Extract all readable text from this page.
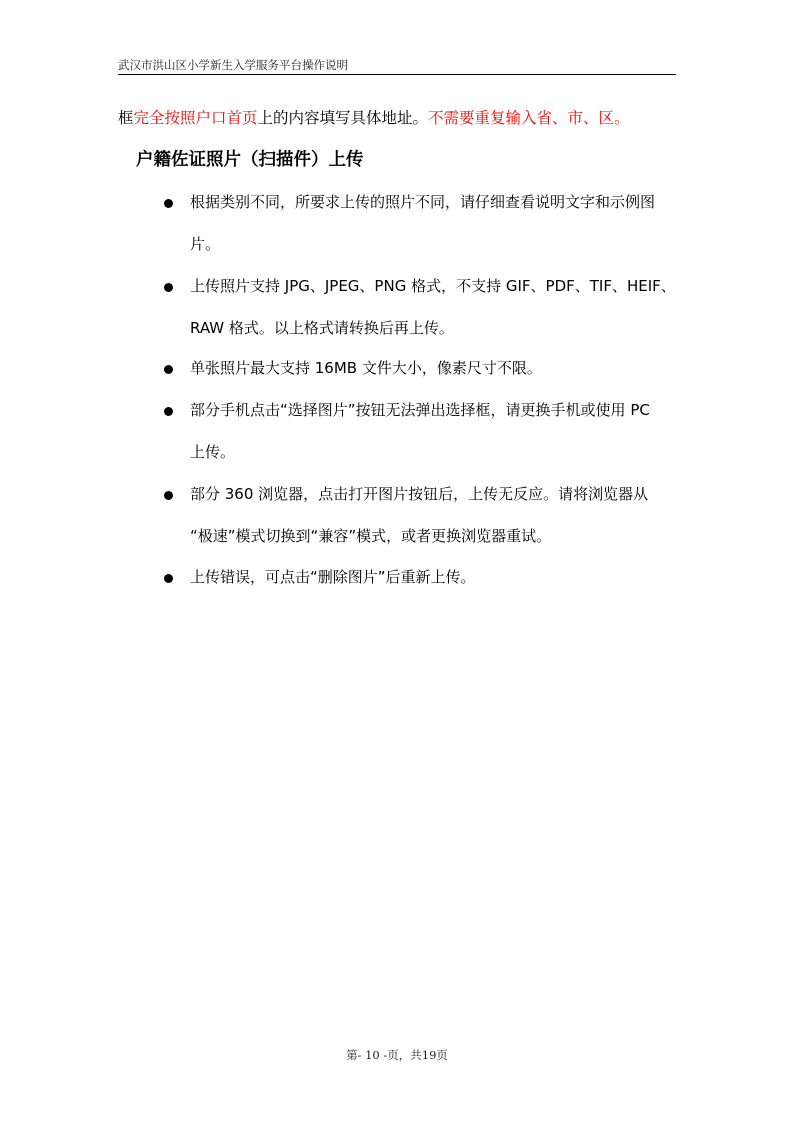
武汉市洪山区小学新生入学服务平台操作说明
框完全按照户口首页上的内容填写具体地址。不需要重复输入省、市、区。
户籍佐证照片（扫描件）上传
根据类别不同，所要求上传的照片不同，请仔细查看说明文字和示例图
片。
上传照片支持 JPG、JPEG、PNG 格式，不支持 GIF、PDF、TIF、HEIF、
RAW 格式。以上格式请转换后再上传。
单张照片最大支持 16MB 文件大小，像素尺寸不限。
部分手机点击“选择图片”按钮无法弹出选择框，请更换手机或使用 PC
上传。
部分 360 浏览器，点击打开图片按钮后，上传无反应。请将浏览器从
“极速”模式切换到“兼容”模式，或者更换浏览器重试。
上传错误，可点击“删除图片”后重新上传。
第- 10 -页，共19页
